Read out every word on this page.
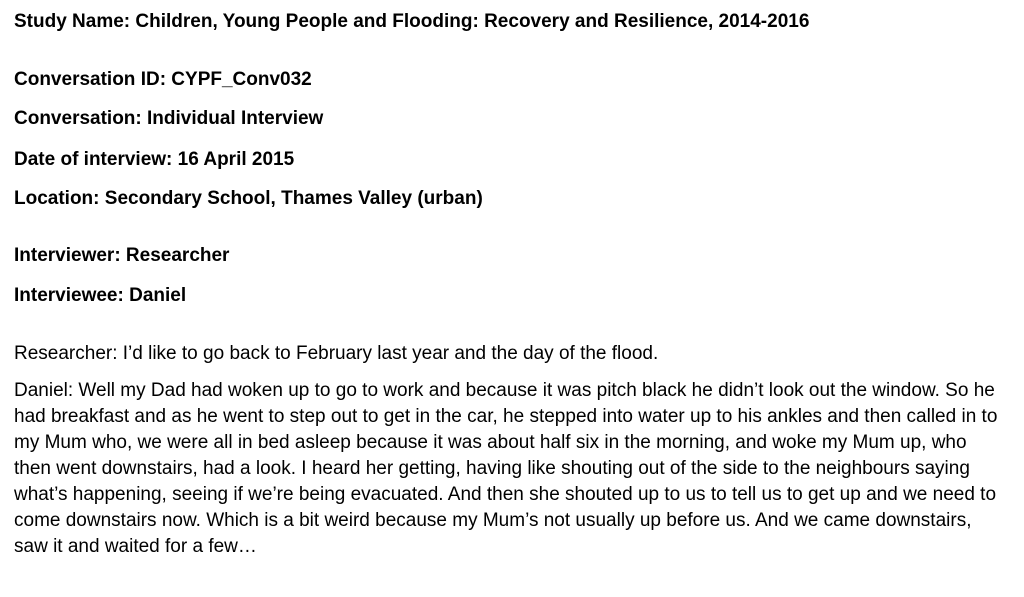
Study Name: Children, Young People and Flooding: Recovery and Resilience, 2014-2016

Conversation ID: CYPF_Conv032

Conversation: Individual Interview

Date of interview: 16 April 2015

Location: Secondary School, Thames Valley (urban)

Interviewer: Researcher

Interviewee: Daniel

Researcher: I’d like to go back to February last year and the day of the flood.

Daniel: Well my Dad had woken up to go to work and because it was pitch black he didn’t look out the window. So he had breakfast and as he went to step out to get in the car, he stepped into water up to his ankles and then called in to my Mum who, we were all in bed asleep because it was about half six in the morning, and woke my Mum up, who then went downstairs, had a look. I heard her getting, having like shouting out of the side to the neighbours saying what’s happening, seeing if we’re being evacuated. And then she shouted up to us to tell us to get up and we need to come downstairs now. Which is a bit weird because my Mum’s not usually up before us. And we came downstairs, saw it and waited for a few…
